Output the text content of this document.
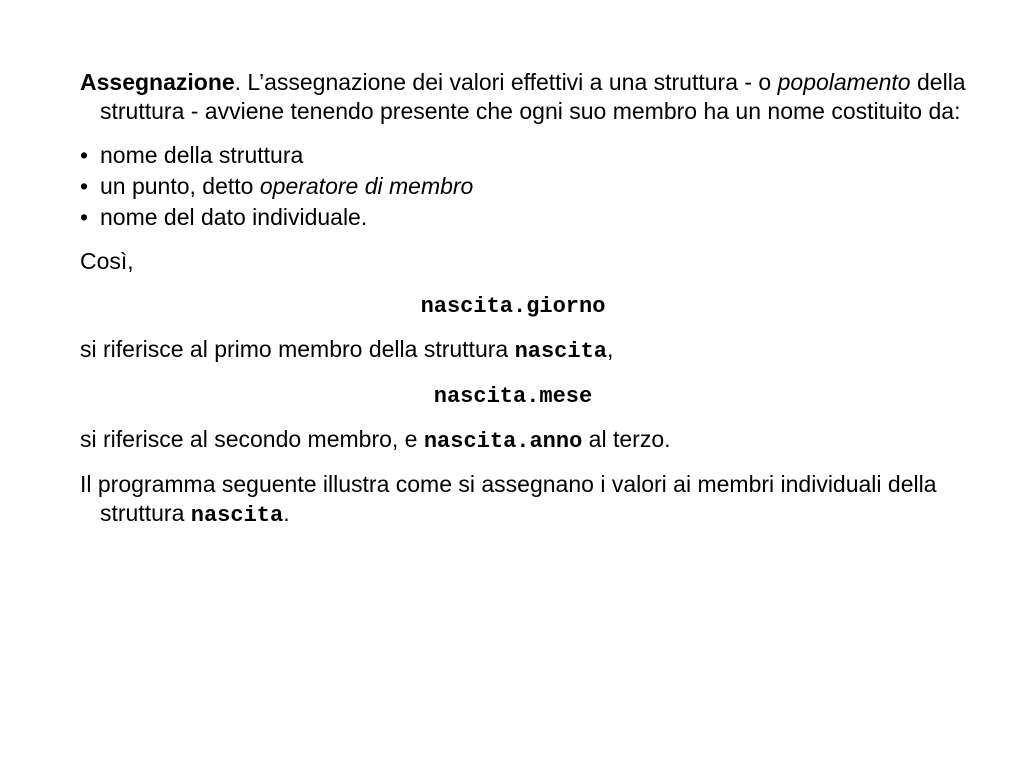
Assegnazione. L’assegnazione dei valori effettivi a una struttura - o popolamento della struttura - avviene tenendo presente che ogni suo membro ha un nome costituito da:

• nome della struttura
• un punto, detto operatore di membro
• nome del dato individuale.

Così,

nascita.giorno

si riferisce al primo membro della struttura nascita,

nascita.mese

si riferisce al secondo membro, e nascita.anno al terzo.

Il programma seguente illustra come si assegnano i valori ai membri individuali della struttura nascita.
